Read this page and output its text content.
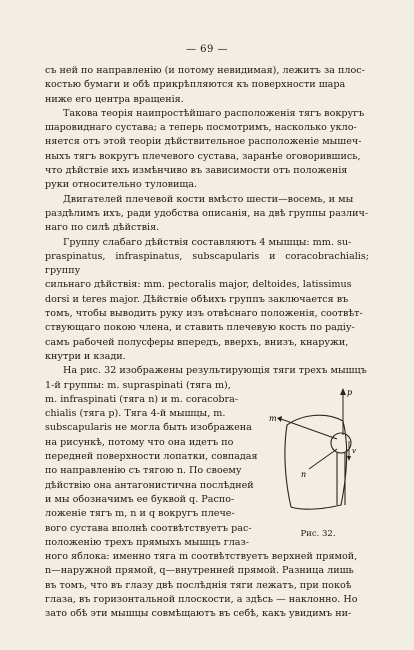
— 69 —

съ ней по направленію (и потому невидимая), лежитъ за плос-

костью бумаги и обѣ прикрѣпляются къ поверхности шара

ниже его центра вращенія.

Такова теорія наипростѣйшаго расположенія тягъ вокругъ

шаровиднаго сустава; а теперь посмотримъ, насколько укло-

няется отъ этой теоріи дѣйствительное расположеніе мышеч-

ныхъ тягъ вокругъ плечевого сустава, заранѣе оговорившись,

что дѣйствіе ихъ измѣнчиво въ зависимости отъ положенія

руки относительно туловища.

Двигателей плечевой кости вмѣсто шести—восемь, и мы

раздѣлимъ ихъ, ради удобства описанія, на двѣ группы различ-

наго по силѣ дѣйствія.

Группу слабаго дѣйствія составляютъ 4 мышцы: mm. su-

praspinatus, infraspinatus, subscapularis и coracobrachialis; группу

сильнаго дѣйствія: mm. pectoralis major, deltoides, latissimus

dorsi и teres major. Дѣйствіе обѣихъ группъ заключается въ

томъ, чтобы выводить руку изъ отвѣснаго положенія, соотвѣт-

ствующаго покою члена, и ставить плечевую кость по радіу-

самъ рабочей полусферы впередъ, вверхъ, внизъ, кнаружи,

кнутри и кзади.

На рис. 32 изображены результирующія тяги трехъ мышцъ

1-й группы: m. supraspinati (тяга m),

m. infraspinati (тяга n) и m. coracobra-

chialis (тяга p). Тяга 4-й мышцы, m.

subscapularis не могла быть изображена

на рисункѣ, потому что она идетъ по

передней поверхности лопатки, совпадая

по направленію съ тягою n. По своему

дѣйствію она антагонистична послѣдней

и мы обозначимъ ее буквой q. Распо-

ложеніе тягъ m, n и q вокругъ плече-

вого сустава вполнѣ соотвѣтствуетъ рас-

положенію трехъ прямыхъ мышцъ глаз-

p
m
n
v
Рис. 32.

ного яблока: именно тяга m соотвѣтствуетъ верхней прямой,

n—наружной прямой, q—внутренней прямой. Разница лишь

въ томъ, что въ глазу двѣ послѣднія тяги лежатъ, при покоѣ

глаза, въ горизонтальной плоскости, а здѣсь — наклонно. Но

зато обѣ эти мышцы совмѣщаютъ въ себѣ, какъ увидимъ ни-
